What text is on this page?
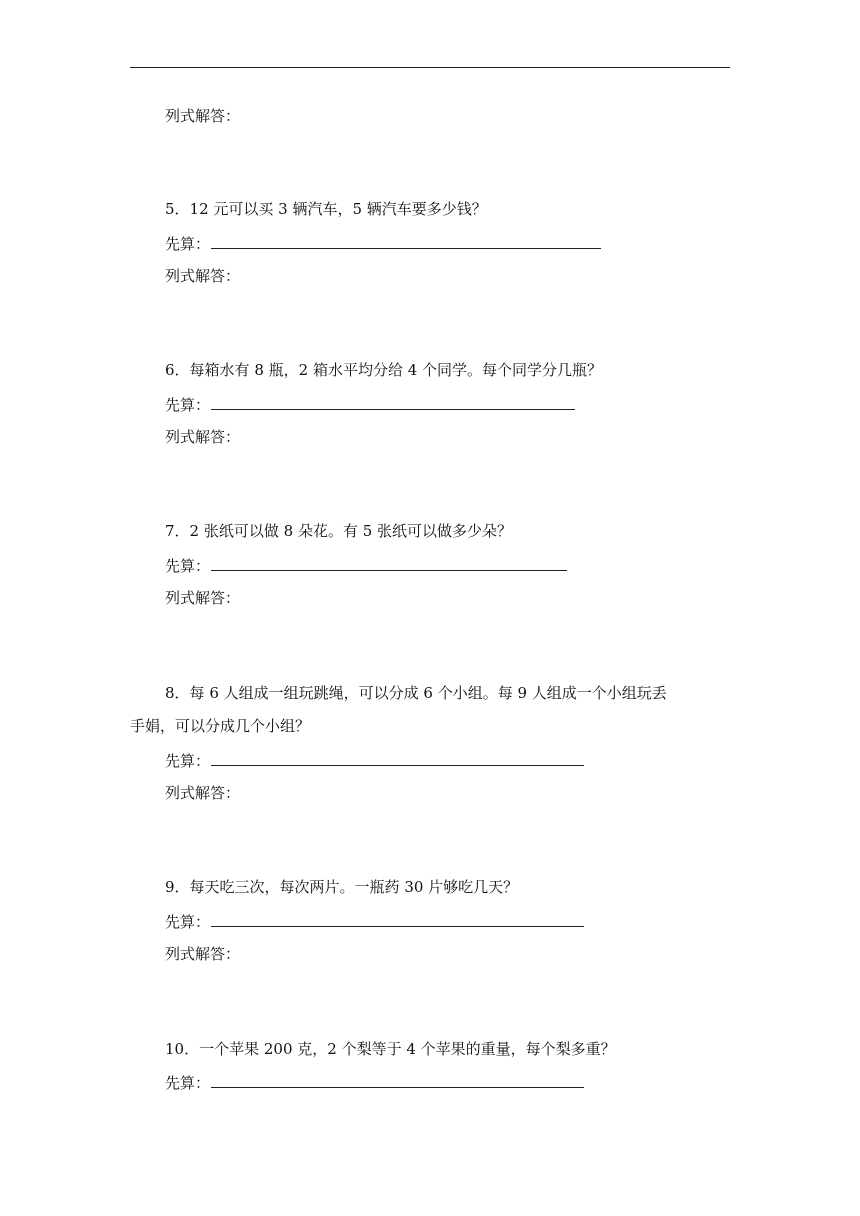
列式解答：
5．12 元可以买 3 辆汽车，5 辆汽车要多少钱？
先算：
列式解答：
6．每箱水有 8 瓶，2 箱水平均分给 4 个同学。每个同学分几瓶？
先算：
列式解答：
7．2 张纸可以做 8 朵花。有 5 张纸可以做多少朵？
先算：
列式解答：
8．每 6 人组成一组玩跳绳，可以分成 6 个小组。每 9 人组成一个小组玩丢
手娟，可以分成几个小组？
先算：
列式解答：
9．每天吃三次，每次两片。一瓶药 30 片够吃几天？
先算：
列式解答：
10．一个苹果 200 克，2 个梨等于 4 个苹果的重量，每个梨多重？
先算：
